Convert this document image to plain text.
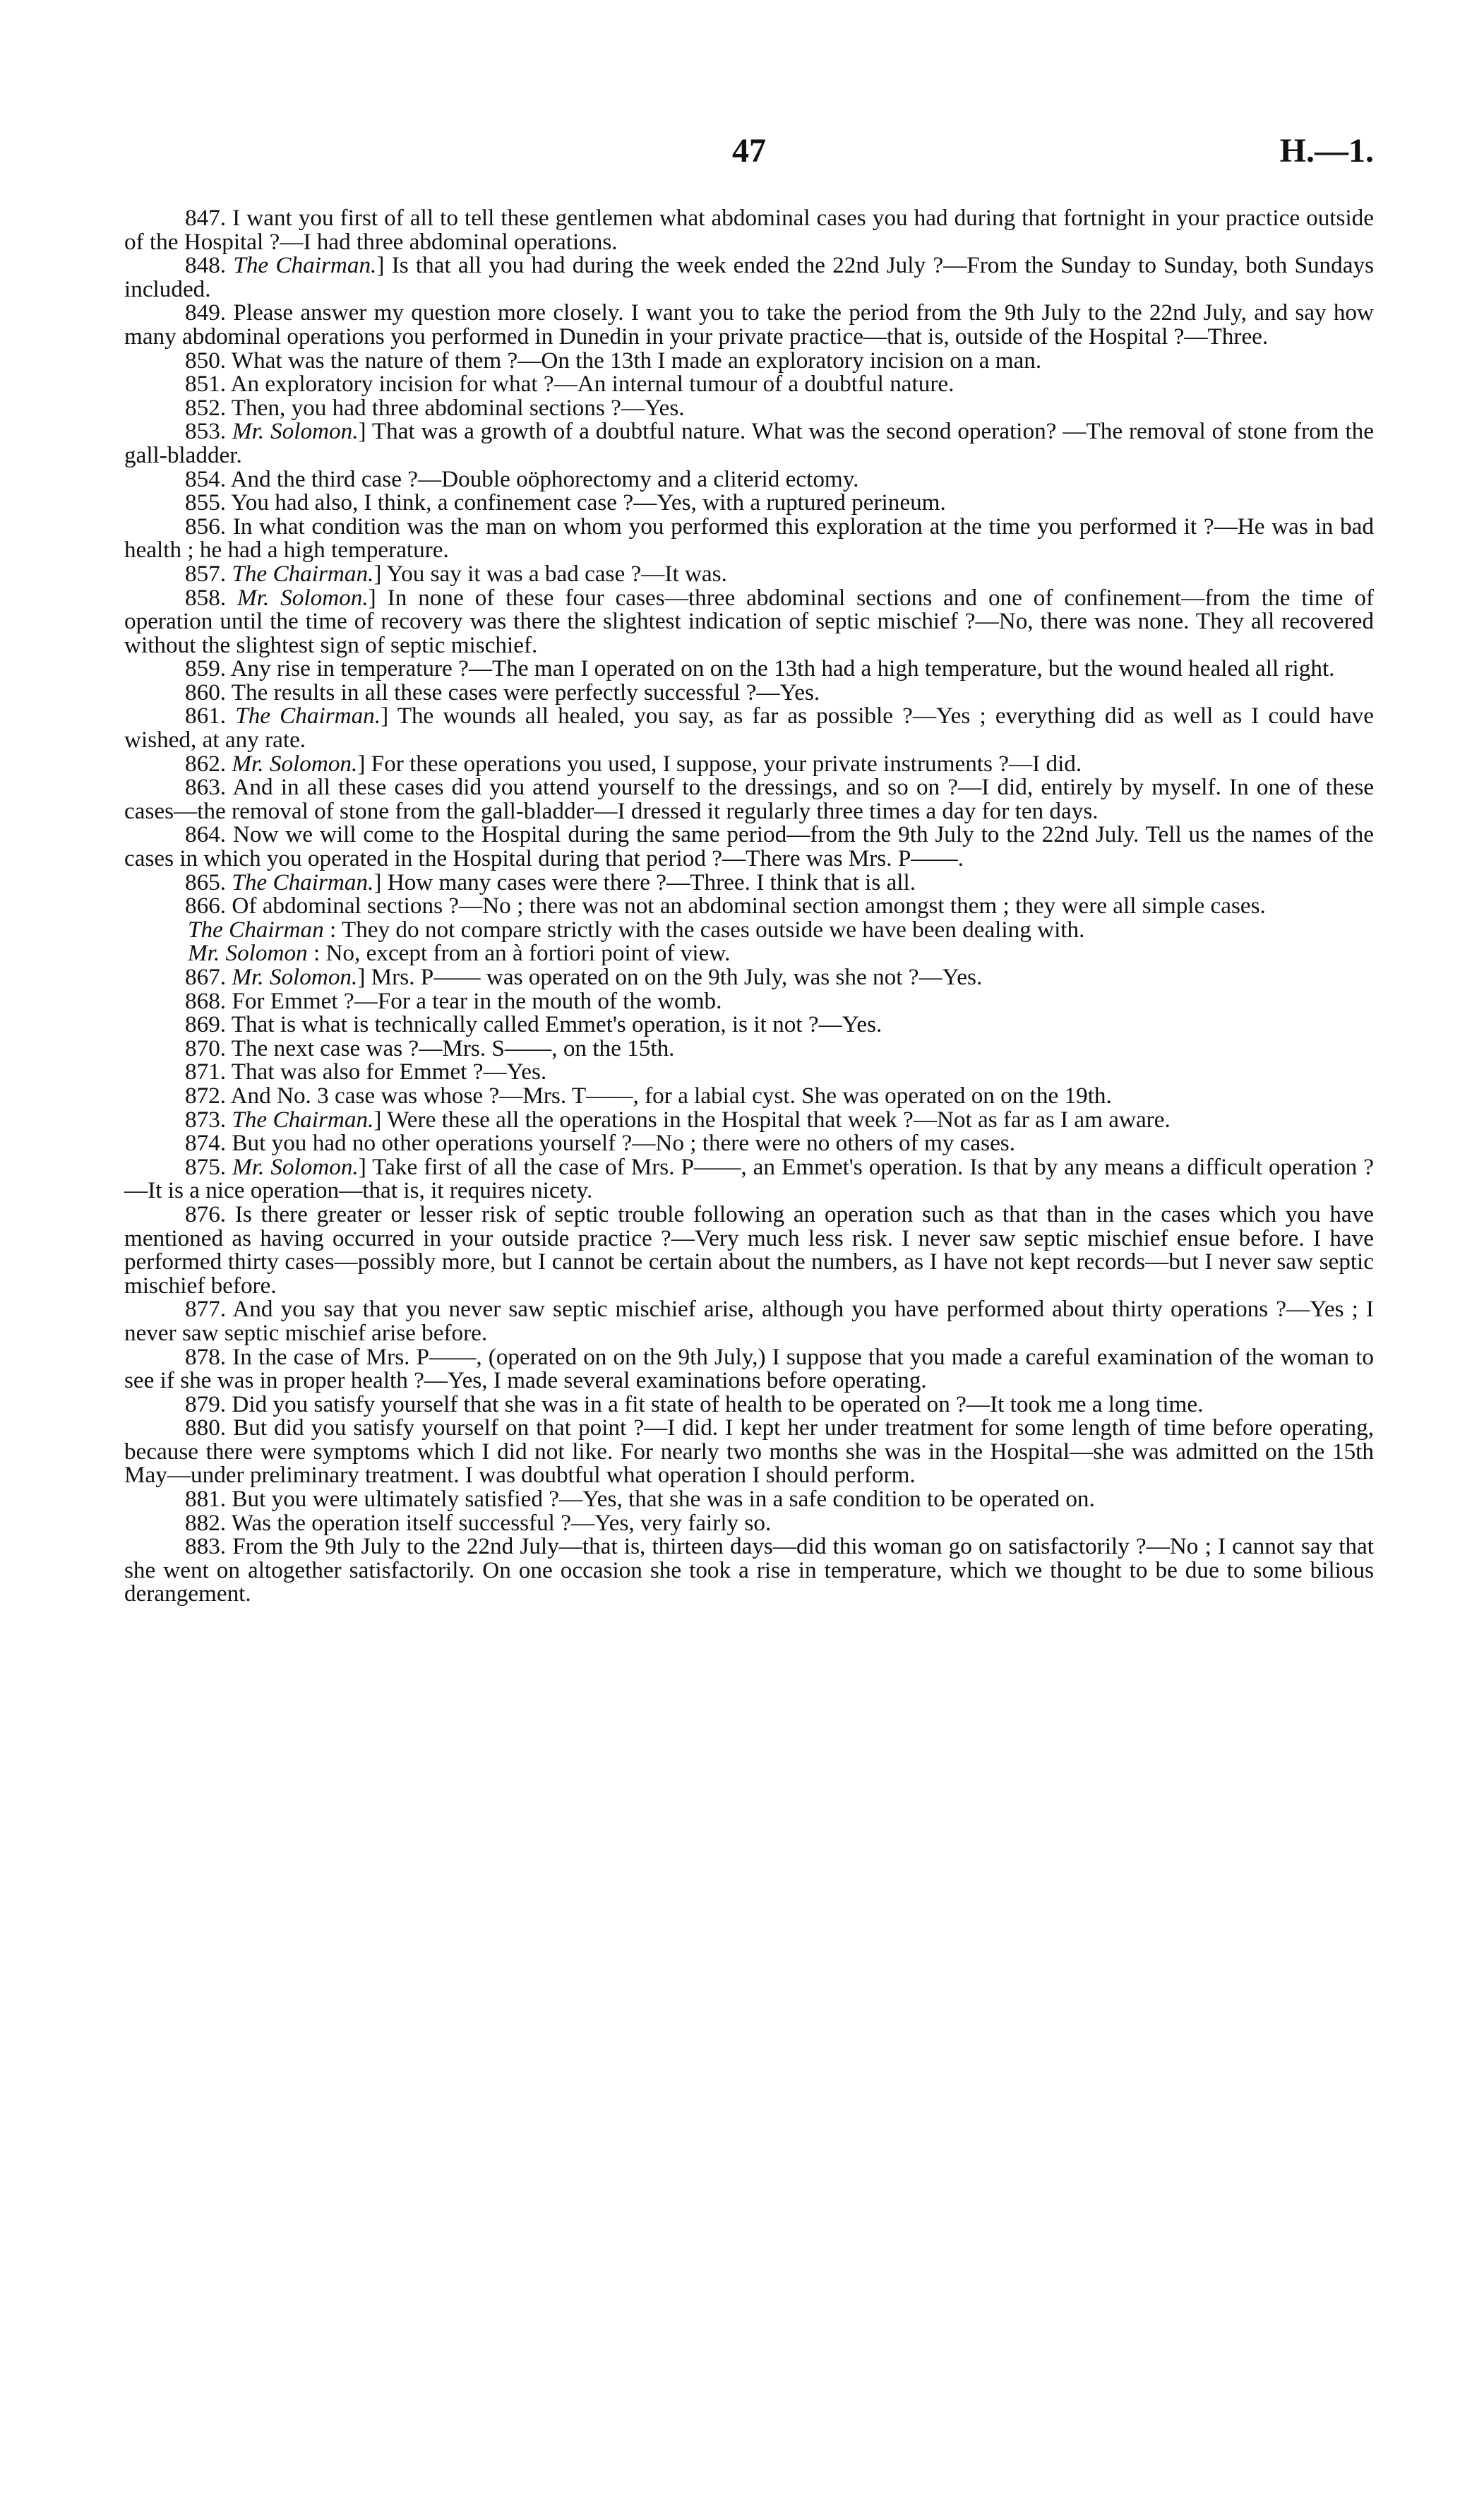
47	H.—1.

847. I want you first of all to tell these gentlemen what abdominal cases you had during that fortnight in your practice outside of the Hospital ?—I had three abdominal operations.

848. The Chairman.] Is that all you had during the week ended the 22nd July ?—From the Sunday to Sunday, both Sundays included.

849. Please answer my question more closely. I want you to take the period from the 9th July to the 22nd July, and say how many abdominal operations you performed in Dunedin in your private practice—that is, outside of the Hospital ?—Three.

850. What was the nature of them ?—On the 13th I made an exploratory incision on a man.

851. An exploratory incision for what ?—An internal tumour of a doubtful nature.

852. Then, you had three abdominal sections ?—Yes.

853. Mr. Solomon.] That was a growth of a doubtful nature. What was the second operation? —The removal of stone from the gall-bladder.

854. And the third case ?—Double oöphorectomy and a cliterid ectomy.

855. You had also, I think, a confinement case ?—Yes, with a ruptured perineum.

856. In what condition was the man on whom you performed this exploration at the time you performed it ?—He was in bad health ; he had a high temperature.

857. The Chairman.] You say it was a bad case ?—It was.

858. Mr. Solomon.] In none of these four cases—three abdominal sections and one of confinement—from the time of operation until the time of recovery was there the slightest indication of septic mischief ?—No, there was none. They all recovered without the slightest sign of septic mischief.

859. Any rise in temperature ?—The man I operated on on the 13th had a high temperature, but the wound healed all right.

860. The results in all these cases were perfectly successful ?—Yes.

861. The Chairman.] The wounds all healed, you say, as far as possible ?—Yes ; everything did as well as I could have wished, at any rate.

862. Mr. Solomon.] For these operations you used, I suppose, your private instruments ?—I did.

863. And in all these cases did you attend yourself to the dressings, and so on ?—I did, entirely by myself. In one of these cases—the removal of stone from the gall-bladder—I dressed it regularly three times a day for ten days.

864. Now we will come to the Hospital during the same period—from the 9th July to the 22nd July. Tell us the names of the cases in which you operated in the Hospital during that period ?—There was Mrs. P——.

865. The Chairman.] How many cases were there ?—Three. I think that is all.

866. Of abdominal sections ?—No ; there was not an abdominal section amongst them ; they were all simple cases.

The Chairman : They do not compare strictly with the cases outside we have been dealing with.

Mr. Solomon : No, except from an à fortiori point of view.

867. Mr. Solomon.] Mrs. P—— was operated on on the 9th July, was she not ?—Yes.

868. For Emmet ?—For a tear in the mouth of the womb.

869. That is what is technically called Emmet's operation, is it not ?—Yes.

870. The next case was ?—Mrs. S——, on the 15th.

871. That was also for Emmet ?—Yes.

872. And No. 3 case was whose ?—Mrs. T——, for a labial cyst. She was operated on on the 19th.

873. The Chairman.] Were these all the operations in the Hospital that week ?—Not as far as I am aware.

874. But you had no other operations yourself ?—No ; there were no others of my cases.

875. Mr. Solomon.] Take first of all the case of Mrs. P——, an Emmet's operation. Is that by any means a difficult operation ?—It is a nice operation—that is, it requires nicety.

876. Is there greater or lesser risk of septic trouble following an operation such as that than in the cases which you have mentioned as having occurred in your outside practice ?—Very much less risk. I never saw septic mischief ensue before. I have performed thirty cases—possibly more, but I cannot be certain about the numbers, as I have not kept records—but I never saw septic mischief before.

877. And you say that you never saw septic mischief arise, although you have performed about thirty operations ?—Yes ; I never saw septic mischief arise before.

878. In the case of Mrs. P——, (operated on on the 9th July,) I suppose that you made a careful examination of the woman to see if she was in proper health ?—Yes, I made several examinations before operating.

879. Did you satisfy yourself that she was in a fit state of health to be operated on ?—It took me a long time.

880. But did you satisfy yourself on that point ?—I did. I kept her under treatment for some length of time before operating, because there were symptoms which I did not like. For nearly two months she was in the Hospital—she was admitted on the 15th May—under preliminary treatment. I was doubtful what operation I should perform.

881. But you were ultimately satisfied ?—Yes, that she was in a safe condition to be operated on.

882. Was the operation itself successful ?—Yes, very fairly so.

883. From the 9th July to the 22nd July—that is, thirteen days—did this woman go on satisfactorily ?—No ; I cannot say that she went on altogether satisfactorily. On one occasion she took a rise in temperature, which we thought to be due to some bilious derangement.
